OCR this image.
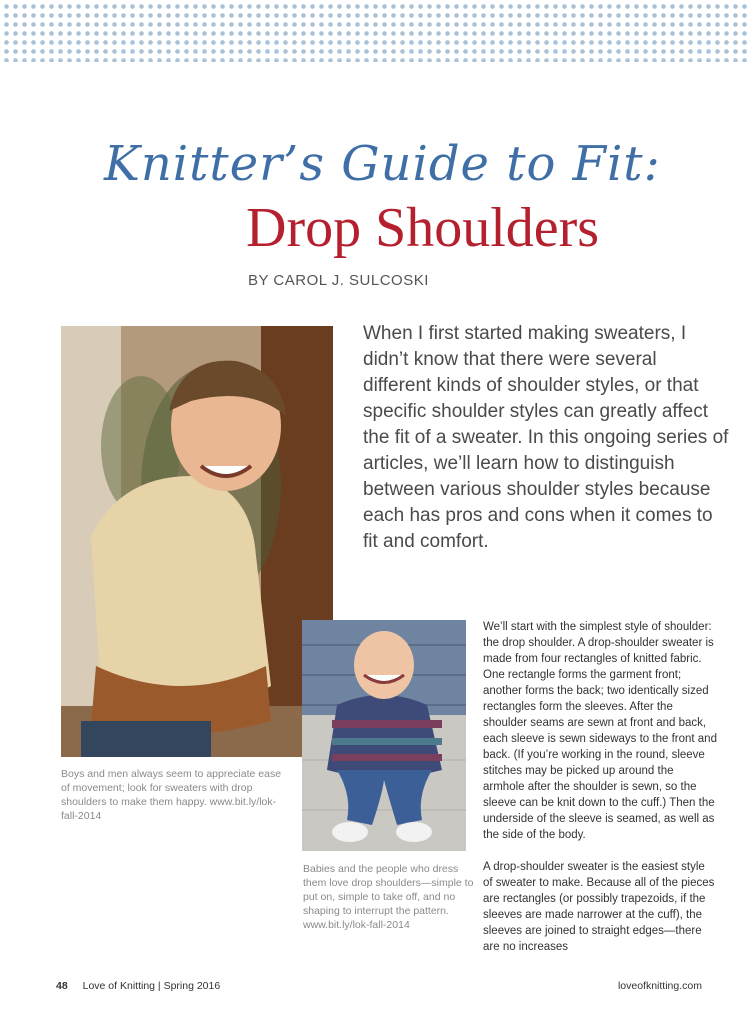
Knitter’s Guide to Fit:
Drop Shoulders
BY CAROL J. SULCOSKI

When I first started making sweaters, I didn’t know that there were several different kinds of shoulder styles, or that specific shoulder styles can greatly affect the fit of a sweater. In this ongoing series of articles, we’ll learn how to distinguish between various shoulder styles because each has pros and cons when it comes to fit and comfort.

We’ll start with the simplest style of shoulder: the drop shoulder. A drop-shoulder sweater is made from four rectangles of knitted fabric. One rectangle forms the garment front; another forms the back; two identically sized rectangles form the sleeves. After the shoulder seams are sewn at front and back, each sleeve is sewn sideways to the front and back. (If you’re working in the round, sleeve stitches may be picked up around the armhole after the shoulder is sewn, so the sleeve can be knit down to the cuff.) Then the underside of the sleeve is seamed, as well as the side of the body.

A drop-shoulder sweater is the easiest style of sweater to make. Because all of the pieces are rectangles (or possibly trapezoids, if the sleeves are made narrower at the cuff), the sleeves are joined to straight edges—there are no increases

Boys and men always seem to appreciate ease of movement; look for sweaters with drop shoulders to make them happy. www.bit.ly/lok-fall-2014
Babies and the people who dress them love drop shoulders—simple to put on, simple to take off, and no shaping to interrupt the pattern. www.bit.ly/lok-fall-2014
48 Love of Knitting | Spring 2016	loveofknitting.com
